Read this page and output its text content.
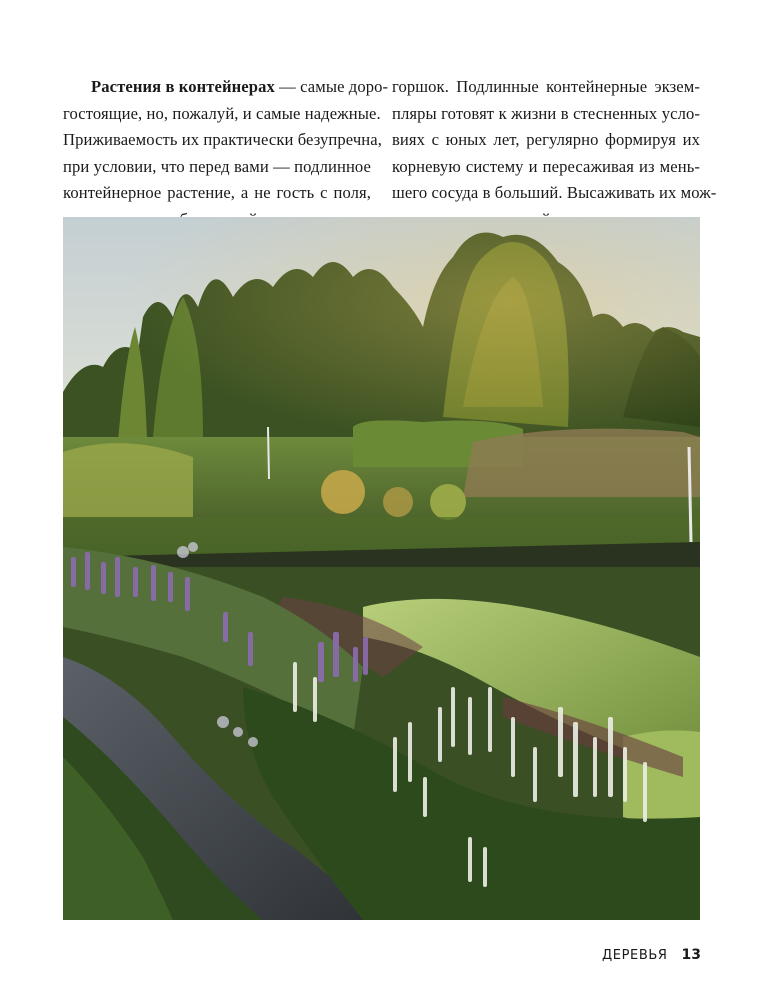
Растения в контейнерах — самые доро-
гостоящие, но, пожалуй, и самые надежные.
Приживаемость их практически безупречна,
при условии, что перед вами — подлинное
контейнерное растение, а не гость с поля,
горшок. Подлинные контейнерные экзем-
пляры готовят к жизни в стесненных усло-
виях с юных лет, регулярно формируя их
корневую систему и пересаживая из мень-
шего сосуда в больший. Высаживать их мож-
ДЕРЕВЬЯ 13
